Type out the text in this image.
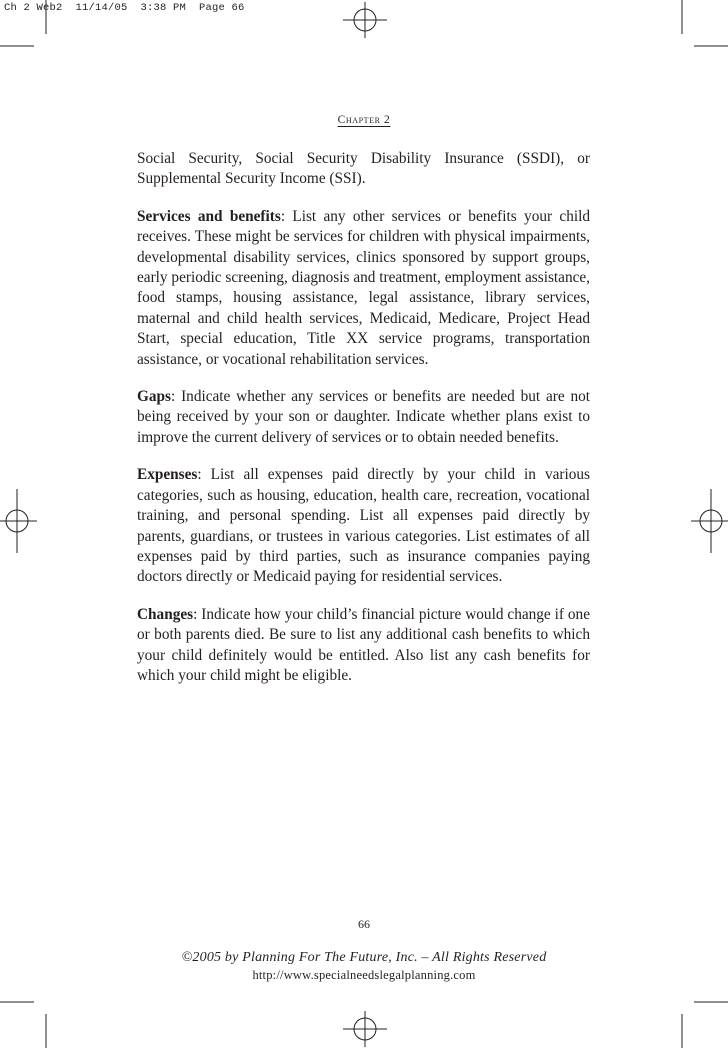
Ch 2 Web2  11/14/05  3:38 PM  Page 66
Chapter 2

Social Security, Social Security Disability Insurance (SSDI), or Supplemental Security Income (SSI).

Services and benefits: List any other services or benefits your child receives. These might be services for children with physical impairments, developmental disability services, clinics sponsored by support groups, early periodic screening, diagnosis and treatment, employment assistance, food stamps, housing assistance, legal assistance, library services, maternal and child health services, Medicaid, Medicare, Project Head Start, special education, Title XX service programs, transportation assistance, or vocational rehabilitation services.

Gaps: Indicate whether any services or benefits are needed but are not being received by your son or daughter. Indicate whether plans exist to improve the current delivery of services or to obtain needed benefits.

Expenses: List all expenses paid directly by your child in various categories, such as housing, education, health care, recreation, vocational training, and personal spending. List all expenses paid directly by parents, guardians, or trustees in various categories. List estimates of all expenses paid by third parties, such as insurance companies paying doctors directly or Medicaid paying for residential services.

Changes: Indicate how your child’s financial picture would change if one or both parents died. Be sure to list any additional cash benefits to which your child definitely would be entitled. Also list any cash benefits for which your child might be eligible.

66
©2005 by Planning For The Future, Inc. – All Rights Reserved
http://www.specialneedslegalplanning.com
